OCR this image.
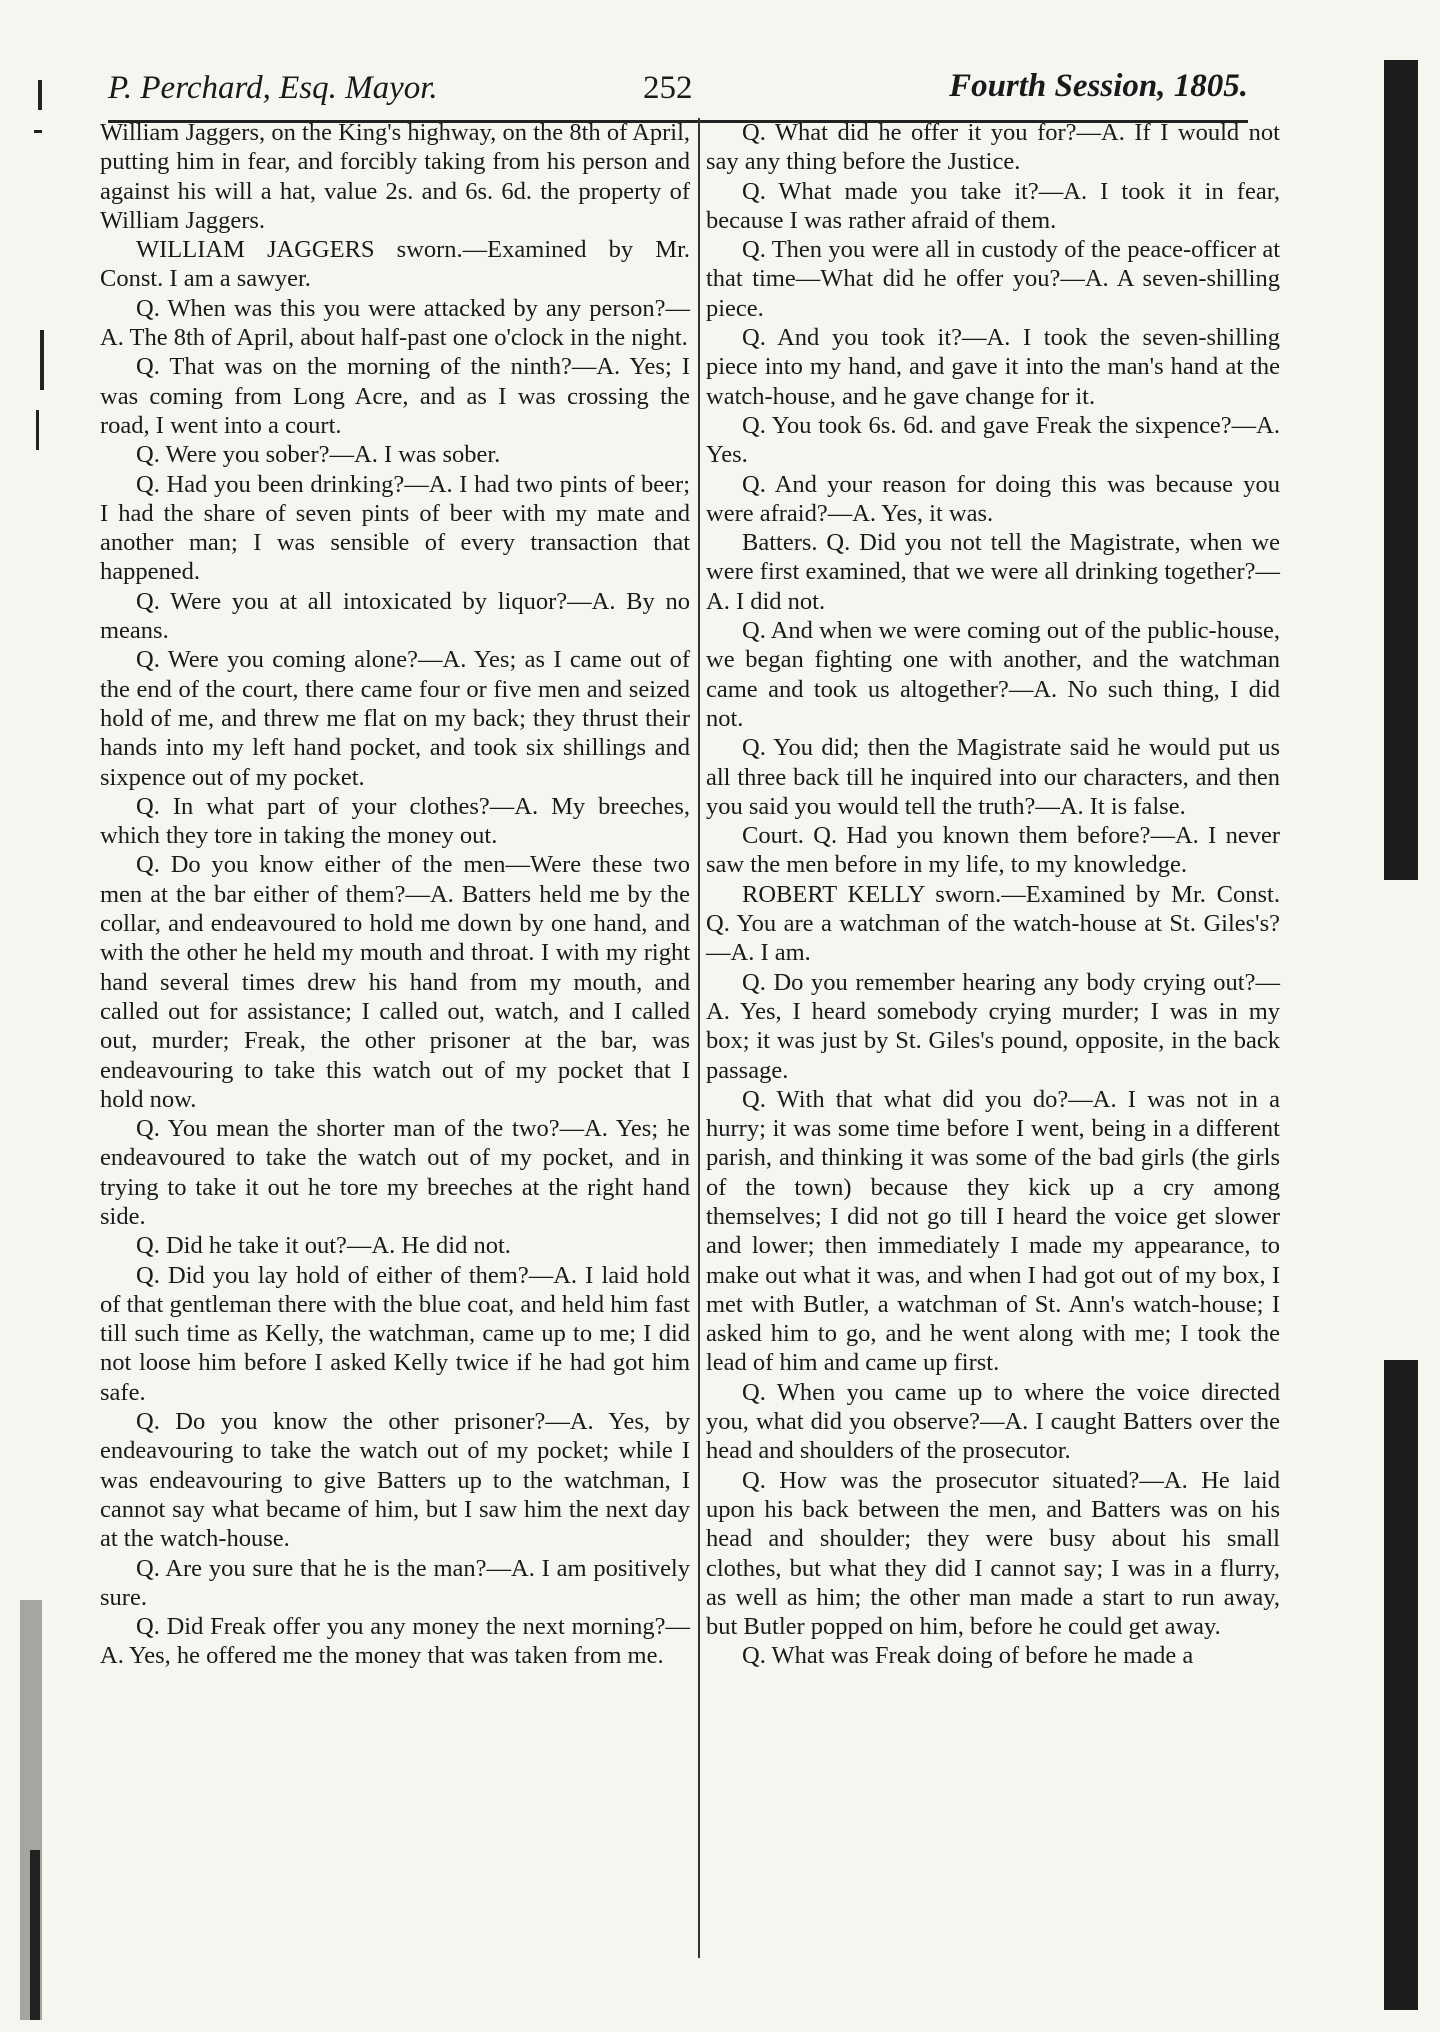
P. Perchard, Esq. Mayor.	252	Fourth Session, 1805.

William Jaggers, on the King's highway, on the 8th of April, putting him in fear, and forcibly taking from his person and against his will a hat, value 2s. and 6s. 6d. the property of William Jaggers.

WILLIAM JAGGERS sworn.—Examined by Mr. Const. I am a sawyer.

Q. When was this you were attacked by any person?—A. The 8th of April, about half-past one o'clock in the night.

Q. That was on the morning of the ninth?—A. Yes; I was coming from Long Acre, and as I was crossing the road, I went into a court.

Q. Were you sober?—A. I was sober.

Q. Had you been drinking?—A. I had two pints of beer; I had the share of seven pints of beer with my mate and another man; I was sensible of every transaction that happened.

Q. Were you at all intoxicated by liquor?—A. By no means.

Q. Were you coming alone?—A. Yes; as I came out of the end of the court, there came four or five men and seized hold of me, and threw me flat on my back; they thrust their hands into my left hand pocket, and took six shillings and sixpence out of my pocket.

Q. In what part of your clothes?—A. My breeches, which they tore in taking the money out.

Q. Do you know either of the men—Were these two men at the bar either of them?—A. Batters held me by the collar, and endeavoured to hold me down by one hand, and with the other he held my mouth and throat. I with my right hand several times drew his hand from my mouth, and called out for assistance; I called out, watch, and I called out, murder; Freak, the other prisoner at the bar, was endeavouring to take this watch out of my pocket that I hold now.

Q. You mean the shorter man of the two?—A. Yes; he endeavoured to take the watch out of my pocket, and in trying to take it out he tore my breeches at the right hand side.

Q. Did he take it out?—A. He did not.

Q. Did you lay hold of either of them?—A. I laid hold of that gentleman there with the blue coat, and held him fast till such time as Kelly, the watchman, came up to me; I did not loose him before I asked Kelly twice if he had got him safe.

Q. Do you know the other prisoner?—A. Yes, by endeavouring to take the watch out of my pocket; while I was endeavouring to give Batters up to the watchman, I cannot say what became of him, but I saw him the next day at the watch-house.

Q. Are you sure that he is the man?—A. I am positively sure.

Q. Did Freak offer you any money the next morning?—A. Yes, he offered me the money that was taken from me.

Q. What did he offer it you for?—A. If I would not say any thing before the Justice.

Q. What made you take it?—A. I took it in fear, because I was rather afraid of them.

Q. Then you were all in custody of the peace-officer at that time—What did he offer you?—A. A seven-shilling piece.

Q. And you took it?—A. I took the seven-shilling piece into my hand, and gave it into the man's hand at the watch-house, and he gave change for it.

Q. You took 6s. 6d. and gave Freak the sixpence?—A. Yes.

Q. And your reason for doing this was because you were afraid?—A. Yes, it was.

Batters. Q. Did you not tell the Magistrate, when we were first examined, that we were all drinking together?—A. I did not.

Q. And when we were coming out of the public-house, we began fighting one with another, and the watchman came and took us altogether?—A. No such thing, I did not.

Q. You did; then the Magistrate said he would put us all three back till he inquired into our characters, and then you said you would tell the truth?—A. It is false.

Court. Q. Had you known them before?—A. I never saw the men before in my life, to my knowledge.

ROBERT KELLY sworn.—Examined by Mr. Const. Q. You are a watchman of the watch-house at St. Giles's?—A. I am.

Q. Do you remember hearing any body crying out?—A. Yes, I heard somebody crying murder; I was in my box; it was just by St. Giles's pound, opposite, in the back passage.

Q. With that what did you do?—A. I was not in a hurry; it was some time before I went, being in a different parish, and thinking it was some of the bad girls (the girls of the town) because they kick up a cry among themselves; I did not go till I heard the voice get slower and lower; then immediately I made my appearance, to make out what it was, and when I had got out of my box, I met with Butler, a watchman of St. Ann's watch-house; I asked him to go, and he went along with me; I took the lead of him and came up first.

Q. When you came up to where the voice directed you, what did you observe?—A. I caught Batters over the head and shoulders of the prosecutor.

Q. How was the prosecutor situated?—A. He laid upon his back between the men, and Batters was on his head and shoulder; they were busy about his small clothes, but what they did I cannot say; I was in a flurry, as well as him; the other man made a start to run away, but Butler popped on him, before he could get away.

Q. What was Freak doing of before he made a
